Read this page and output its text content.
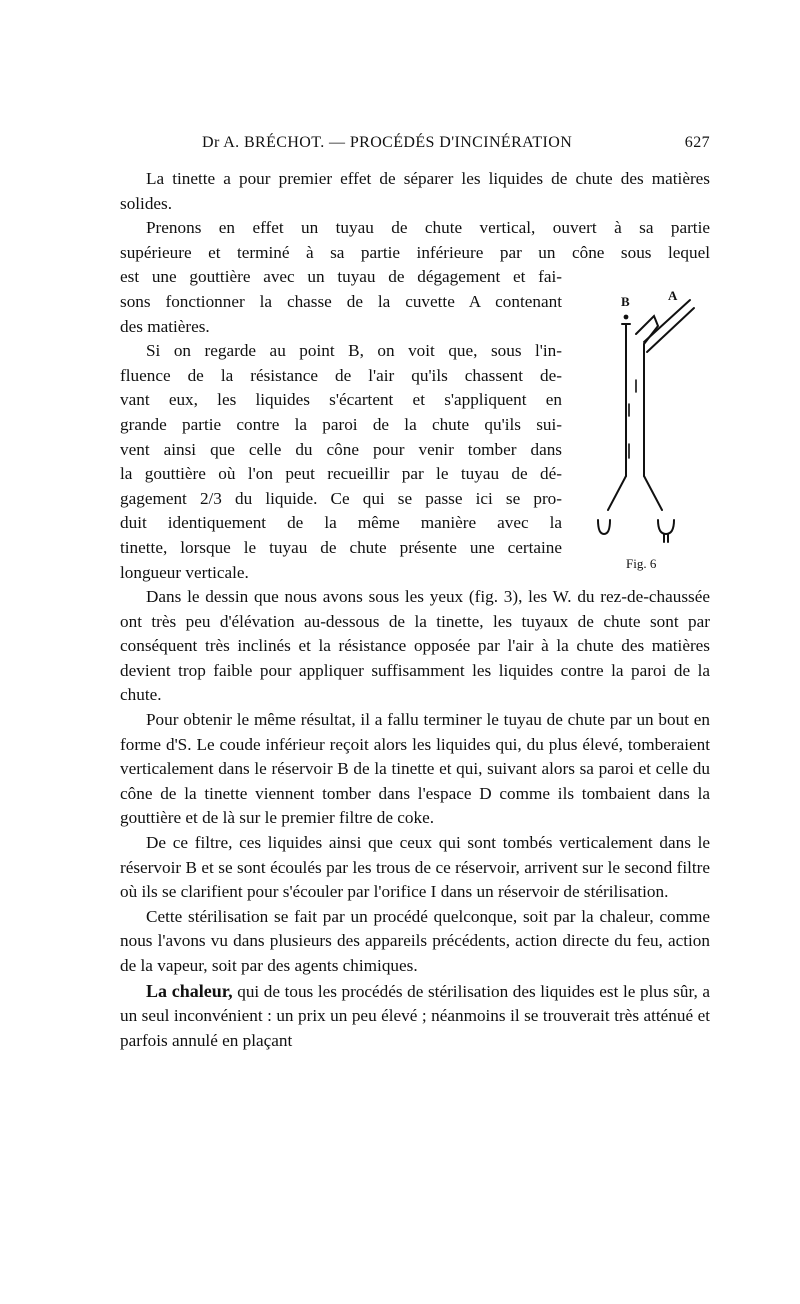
Dr A. BRÉCHOT. — PROCÉDÉS D'INCINÉRATION	627

La tinette a pour premier effet de séparer les liquides de chute des matières solides.

Prenons en effet un tuyau de chute vertical, ouvert à sa partie
supérieure et terminé à sa partie inférieure par un cône sous lequel
est une gouttière avec un tuyau de dégagement et fai-
sons fonctionner la chasse de la cuvette A contenant
des matières.

Si on regarde au point B, on voit que, sous l'in-
fluence de la résistance de l'air qu'ils chassent de-
vant eux, les liquides s'écartent et s'appliquent en
grande partie contre la paroi de la chute qu'ils sui-
vent ainsi que celle du cône pour venir tomber dans
la gouttière où l'on peut recueillir par le tuyau de dé-
gagement 2/3 du liquide. Ce qui se passe ici se pro-
duit identiquement de la même manière avec la
tinette, lorsque le tuyau de chute présente une certaine
longueur verticale.

Dans le dessin que nous avons sous les yeux (fig. 3), les W. du rez-de-chaussée ont très peu d'élévation au-dessous de la tinette, les tuyaux de chute sont par conséquent très inclinés et la résistance opposée par l'air à la chute des matières devient trop faible pour appliquer suffisamment les liquides contre la paroi de la chute.

Pour obtenir le même résultat, il a fallu terminer le tuyau de chute par un bout en forme d'S. Le coude inférieur reçoit alors les liquides qui, du plus élevé, tomberaient verticalement dans le réservoir B de la tinette et qui, suivant alors sa paroi et celle du cône de la tinette viennent tomber dans l'espace D comme ils tombaient dans la gouttière et de là sur le premier filtre de coke.

De ce filtre, ces liquides ainsi que ceux qui sont tombés verticalement dans le réservoir B et se sont écoulés par les trous de ce réservoir, arrivent sur le second filtre où ils se clarifient pour s'écouler par l'orifice I dans un réservoir de stérilisation.

Cette stérilisation se fait par un procédé quelconque, soit par la chaleur, comme nous l'avons vu dans plusieurs des appareils précédents, action directe du feu, action de la vapeur, soit par des agents chimiques.

La chaleur, qui de tous les procédés de stérilisation des liquides est le plus sûr, a un seul inconvénient : un prix un peu élevé ; néanmoins il se trouverait très atténué et parfois annulé en plaçant

B	A
Fig. 6
